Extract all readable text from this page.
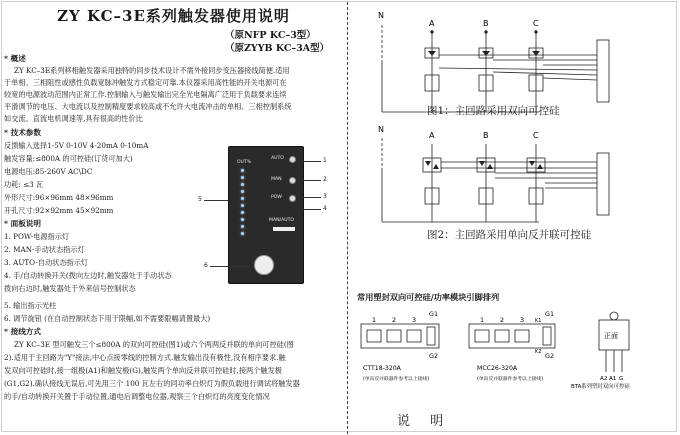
ZY KC–3E系列触发器使用说明
（原NFP KC–3型）
（原ZYYB KC–3A型）
* 概述
ZY KC–3E系列移相触发器采用独特的同步技术设计不需外接同步变压器接线简便.适用
于单相、三相阻性或感性负载宽脉冲触发方式稳定可靠.本仪器采用高性能的开关电源可在
较宽的电源波动范围内正常工作.控制输入与触发输出完全光电隔离广泛用于负载要求连续
平滑调节的电压、大电流以及控制精度要求较高或不允许大电流冲击的单相、三相控制系统
如交流、直流电机调速等,具有很高的性价比
* 技术参数
反馈输入选择1-5V 0-10V 4-20mA 0-10mA
触发容量:≤800A 的可控硅(订货可加大)
电源电压:85-260V AC\DC
功耗: ≤3 瓦
外形尺寸:96×96mm 48×96mm
开孔尺寸:92×92mm 45×92mm
* 面板说明
1. POW-电源指示灯
2. MAN-手动状态指示灯
3. AUTO-自动状态指示灯
4. 手/自动转换开关(拨向左边时,触发器处于手动状态
拨向右边时,触发器处于外来信号控制状态
5. 输出指示光柱
6. 调节旋钮 (在自动控制状态下用于限幅,如不需要限幅请置最大)
* 接线方式
ZY KC–3E 型可触发三个≤800A 的双向可控硅(图1)或六个两两反并联的单向可控硅(图
2).适用于主回路为"Y"接法,中心点接零线的控制方式.触发输出没有极性,没有相序要求.触
发双向可控硅时,接一组极(A1)和触发极(G),触发两个单向反并联可控硅时,接两个触发极
(G1,G2).确认接线无误后,可先用三个 100 瓦左右的同功率白炽灯为假负载进行调试将触发器
的手/自动转换开关置于手动位置,通电后调整电位器,观察三个白炽灯的亮度变化情况
OUT%
AUTO
MAN
POW
MAN/AUTO
1
2
3
4
5
6
N
A	B	C
图1：主回路采用双向可控硅
N
A	B	C
图2：主回路采用单向反并联可控硅
常用塑封双向可控硅/功率模块引脚排列
1 2 3
G1
G2
CTT18-320A
(单向反并联器件参考以上接线)
1 2 3
G1
G2
K1
K2
MCC26-320A
(单向反并联器件参考以上接线)
正面
A2 A1 G
BTA系列塑封双向可控硅
说 明
